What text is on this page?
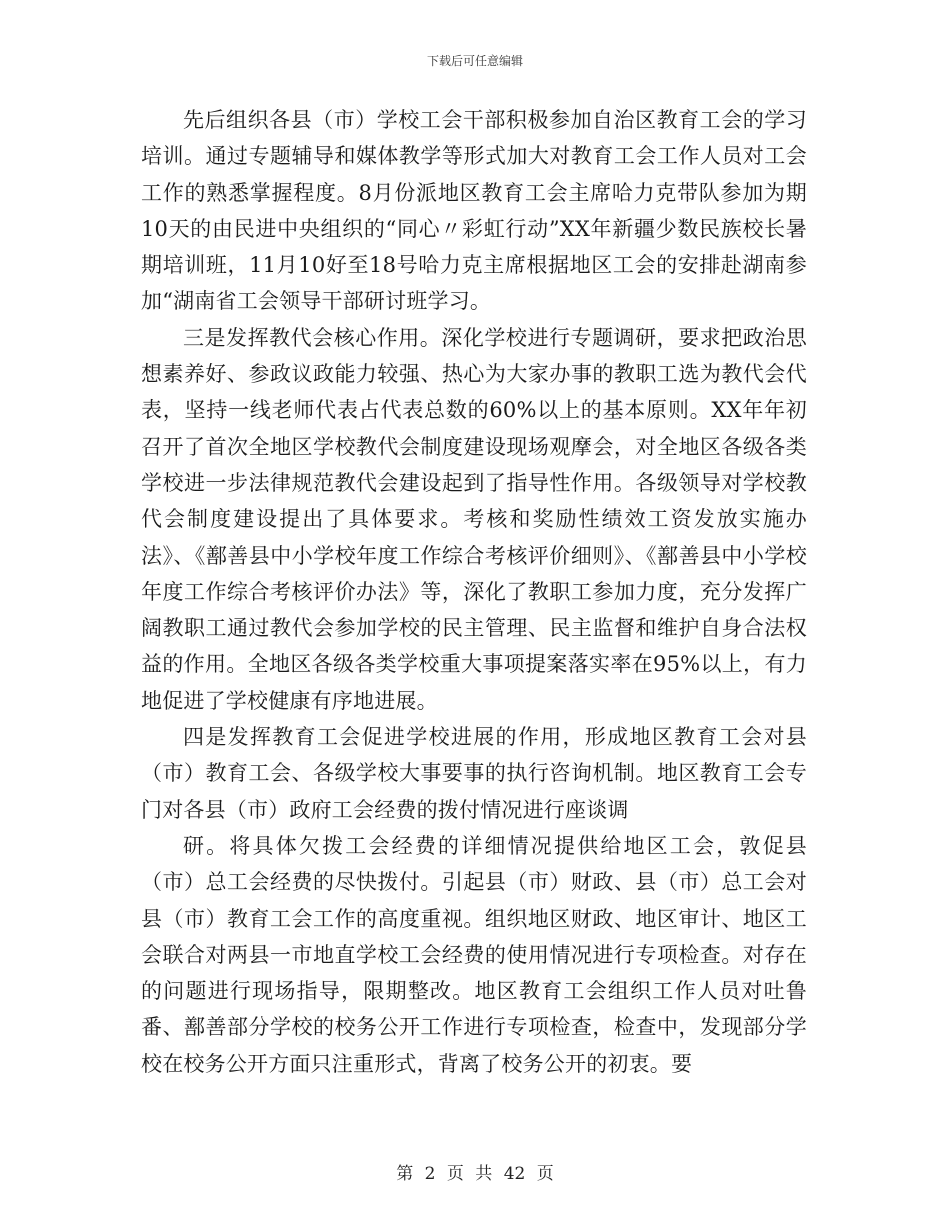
下载后可任意编辑

先后组织各县（市）学校工会干部积极参加自治区教育工会的学习培训。通过专题辅导和媒体教学等形式加大对教育工会工作人员对工会工作的熟悉掌握程度。8月份派地区教育工会主席哈力克带队参加为期10天的由民进中央组织的“同心〃彩虹行动”XX年新疆少数民族校长暑期培训班，11月10好至18号哈力克主席根据地区工会的安排赴湖南参加“湖南省工会领导干部研讨班学习。

三是发挥教代会核心作用。深化学校进行专题调研，要求把政治思想素养好、参政议政能力较强、热心为大家办事的教职工选为教代会代表，坚持一线老师代表占代表总数的60%以上的基本原则。XX年年初召开了首次全地区学校教代会制度建设现场观摩会，对全地区各级各类学校进一步法律规范教代会建设起到了指导性作用。各级领导对学校教代会制度建设提出了具体要求。考核和奖励性绩效工资发放实施办法》、《鄯善县中小学校年度工作综合考核评价细则》、《鄯善县中小学校年度工作综合考核评价办法》等，深化了教职工参加力度，充分发挥广阔教职工通过教代会参加学校的民主管理、民主监督和维护自身合法权益的作用。全地区各级各类学校重大事项提案落实率在95%以上，有力地促进了学校健康有序地进展。

四是发挥教育工会促进学校进展的作用，形成地区教育工会对县（市）教育工会、各级学校大事要事的执行咨询机制。地区教育工会专门对各县（市）政府工会经费的拨付情况进行座谈调

研。将具体欠拨工会经费的详细情况提供给地区工会，敦促县（市）总工会经费的尽快拨付。引起县（市）财政、县（市）总工会对县（市）教育工会工作的高度重视。组织地区财政、地区审计、地区工会联合对两县一市地直学校工会经费的使用情况进行专项检查。对存在的问题进行现场指导，限期整改。地区教育工会组织工作人员对吐鲁番、鄯善部分学校的校务公开工作进行专项检查，检查中，发现部分学校在校务公开方面只注重形式，背离了校务公开的初衷。要

第 2 页 共 42 页
